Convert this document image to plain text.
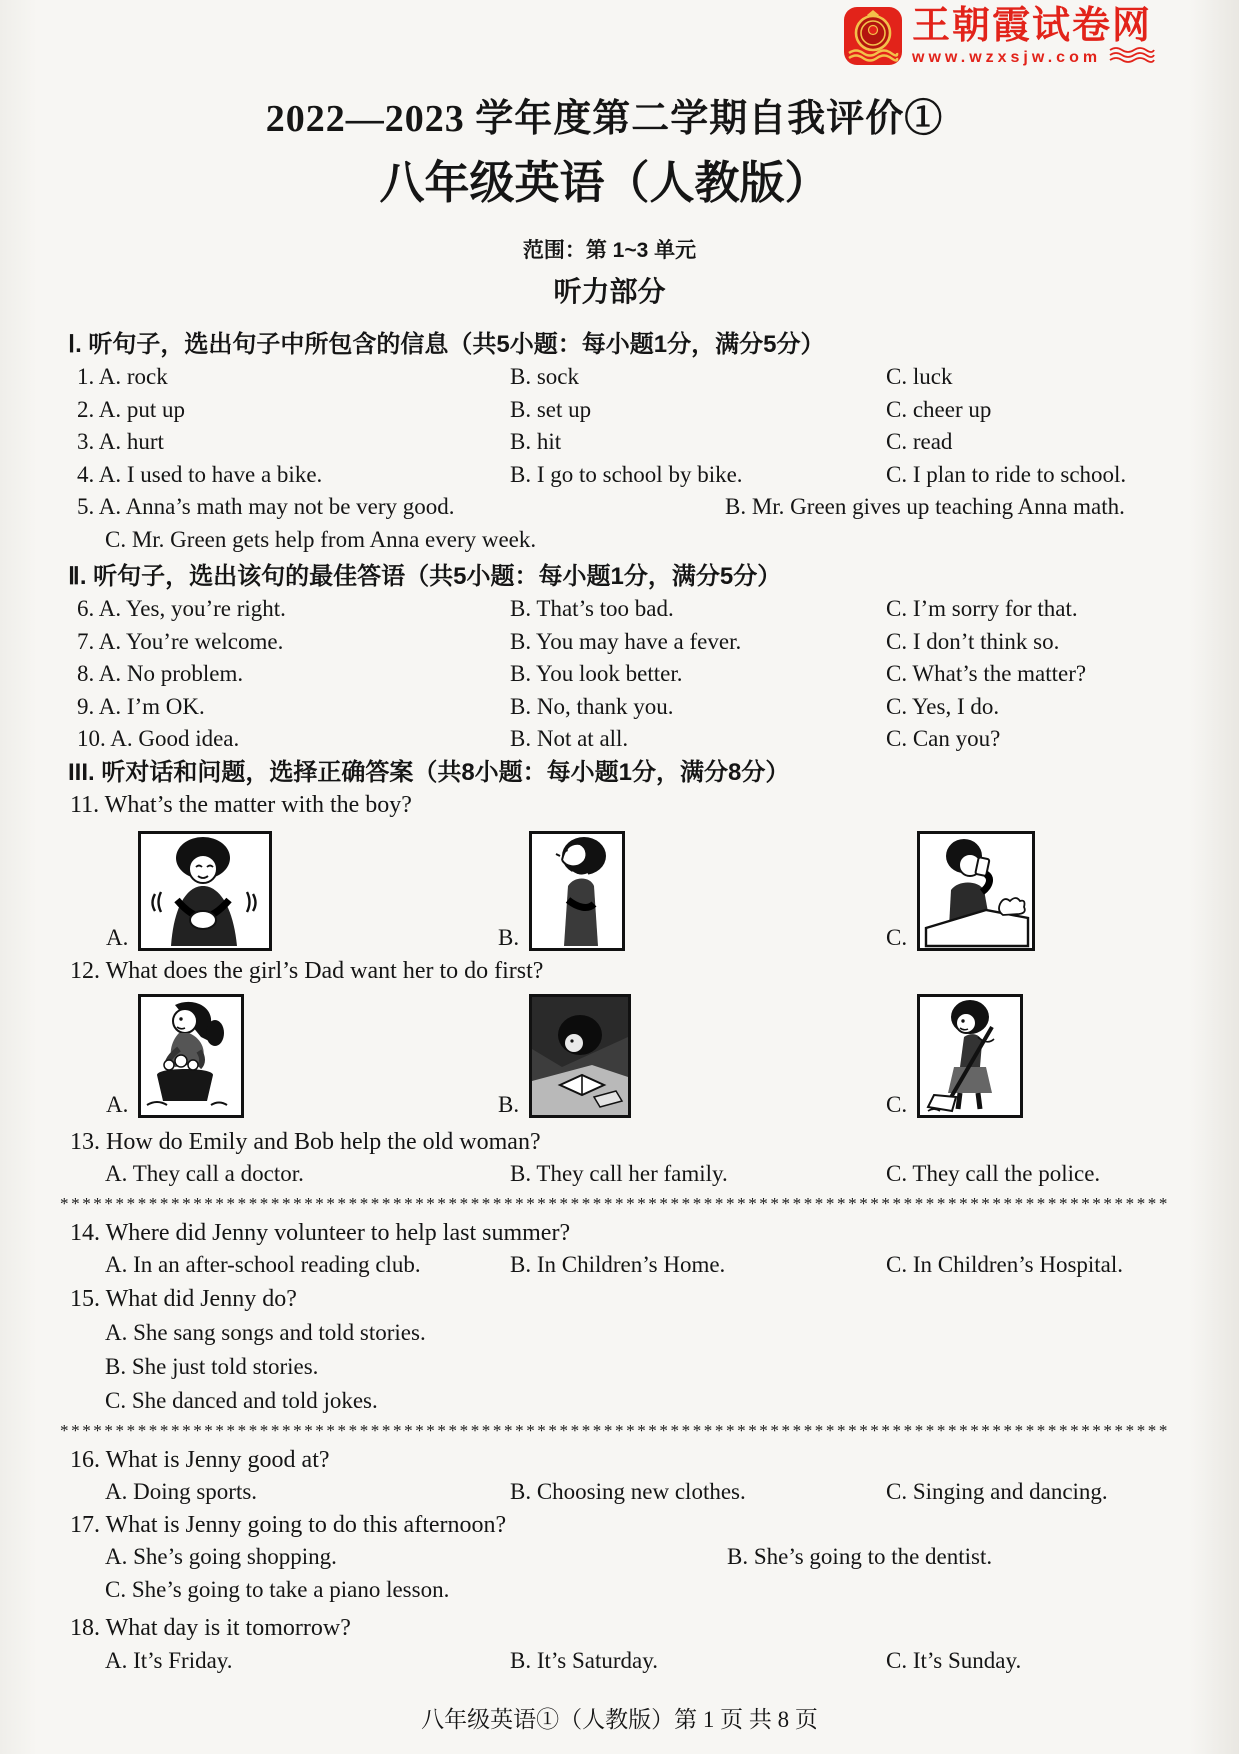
王朝霞试卷网
www.wzxsjw.com
2022—2023 学年度第二学期自我评价①
八年级英语（人教版）
范围：第 1~3 单元
听力部分
Ⅰ. 听句子，选出句子中所包含的信息（共5小题：每小题1分，满分5分）
1. A. rock	B. sock	C. luck
2. A. put up	B. set up	C. cheer up
3. A. hurt	B. hit	C. read
4. A. I used to have a bike.	B. I go to school by bike.	C. I plan to ride to school.
5. A. Anna’s math may not be very good.	B. Mr. Green gives up teaching Anna math.
C. Mr. Green gets help from Anna every week.
Ⅱ. 听句子，选出该句的最佳答语（共5小题：每小题1分，满分5分）
6. A. Yes, you’re right.	B. That’s too bad.	C. I’m sorry for that.
7. A. You’re welcome.	B. You may have a fever.	C. I don’t think so.
8. A. No problem.	B. You look better.	C. What’s the matter?
9. A. I’m OK.	B. No, thank you.	C. Yes, I do.
10. A. Good idea.	B. Not at all.	C. Can you?
III. 听对话和问题，选择正确答案（共8小题：每小题1分，满分8分）
11. What’s the matter with the boy?
A.	B.	C.
12. What does the girl’s Dad want her to do first?
A.	B.	C.
13. How do Emily and Bob help the old woman?
A. They call a doctor.	B. They call her family.	C. They call the police.
****************************************************************************************************
14. Where did Jenny volunteer to help last summer?
A. In an after-school reading club.	B. In Children’s Home.	C. In Children’s Hospital.
15. What did Jenny do?
A. She sang songs and told stories.
B. She just told stories.
C. She danced and told jokes.
****************************************************************************************************
16. What is Jenny good at?
A. Doing sports.	B. Choosing new clothes.	C. Singing and dancing.
17. What is Jenny going to do this afternoon?
A. She’s going shopping.	B. She’s going to the dentist.
C. She’s going to take a piano lesson.
18. What day is it tomorrow?
A. It’s Friday.	B. It’s Saturday.	C. It’s Sunday.
八年级英语①（人教版）第 1 页 共 8 页
